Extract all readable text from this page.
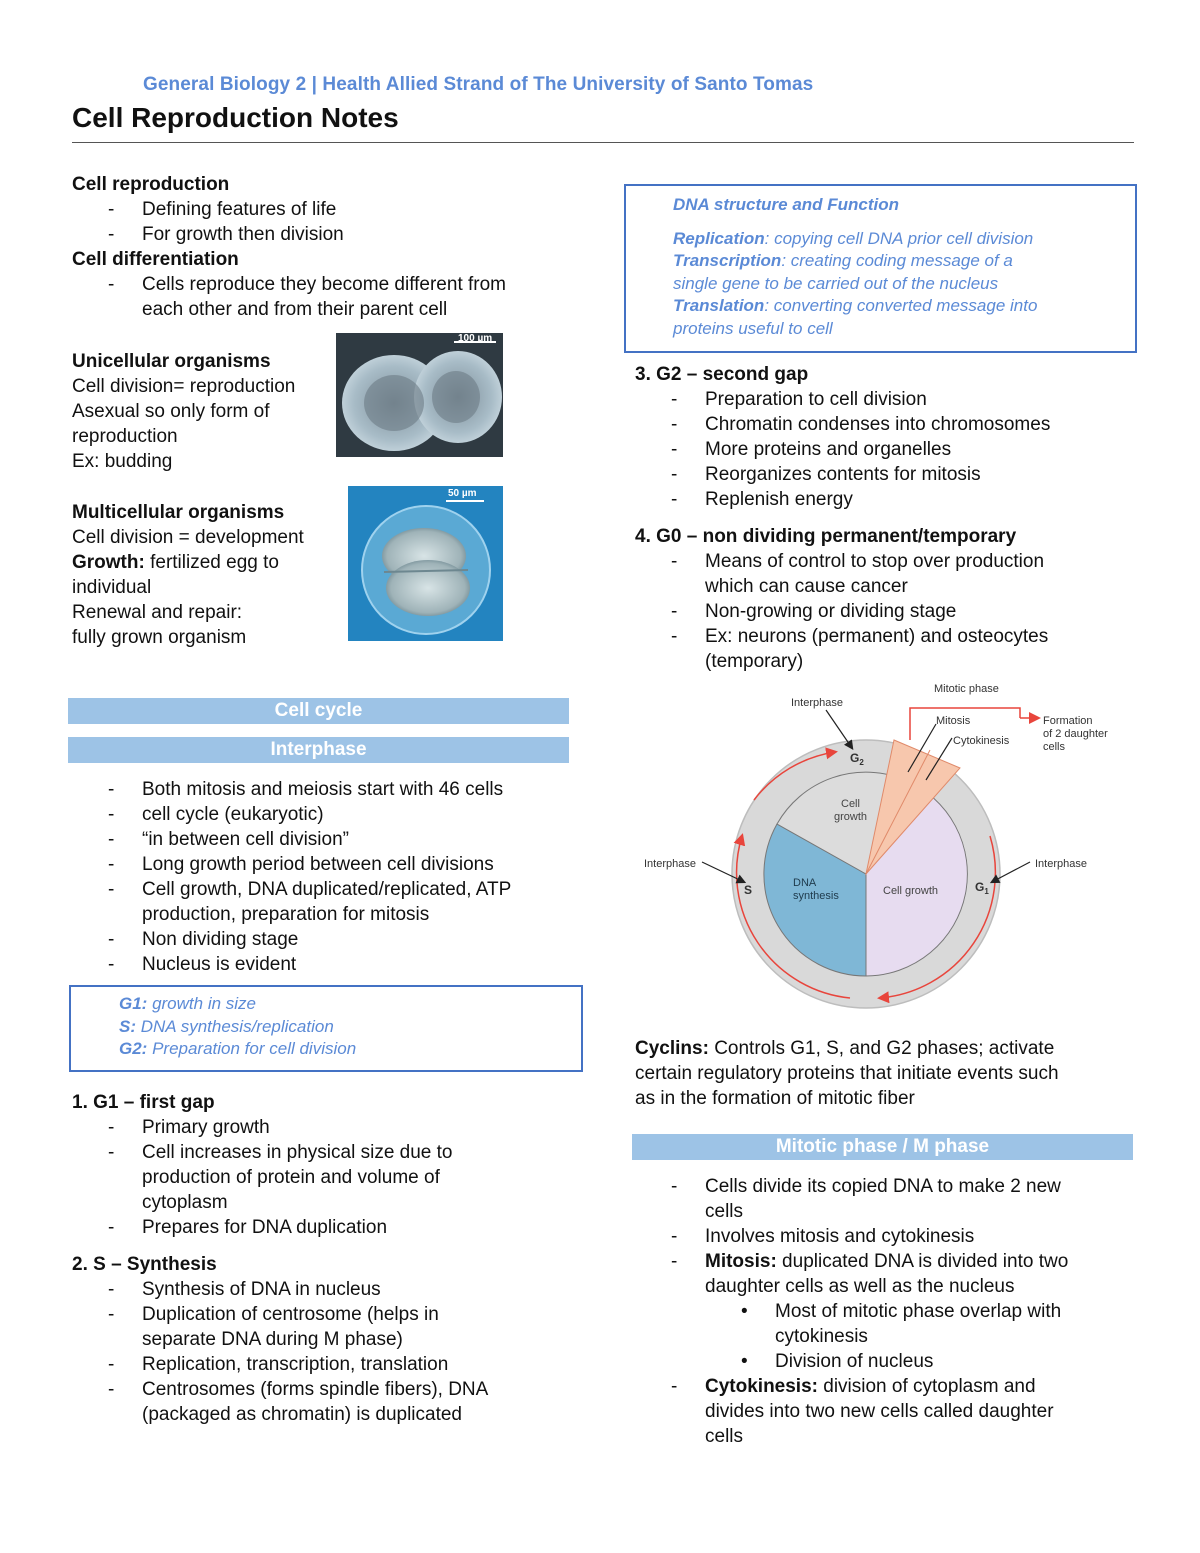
General Biology 2 | Health Allied Strand of The University of Santo Tomas
Cell Reproduction Notes
Cell reproduction
- Defining features of life
- For growth then division
Cell differentiation
- Cells reproduce they become different from
each other and from their parent cell
Unicellular organisms
Cell division= reproduction
Asexual so only form of
reproduction
Ex: budding
100 µm
Multicellular organisms
Cell division = development
Growth: fertilized egg to
individual
Renewal and repair:
fully grown organism
50 µm
Cell cycle
Interphase
- Both mitosis and meiosis start with 46 cells
- cell cycle (eukaryotic)
- “in between cell division”
- Long growth period between cell divisions
- Cell growth, DNA duplicated/replicated, ATP
production, preparation for mitosis
- Non dividing stage
- Nucleus is evident
G1: growth in size
S: DNA synthesis/replication
G2: Preparation for cell division
1. G1 – first gap
- Primary growth
- Cell increases in physical size due to
production of protein and volume of
cytoplasm
- Prepares for DNA duplication
2. S – Synthesis
- Synthesis of DNA in nucleus
- Duplication of centrosome (helps in
separate DNA during M phase)
- Replication, transcription, translation
- Centrosomes (forms spindle fibers), DNA
(packaged as chromatin) is duplicated
DNA structure and Function
Replication: copying cell DNA prior cell division
Transcription: creating coding message of a
single gene to be carried out of the nucleus
Translation: converting converted message into
proteins useful to cell
3. G2 – second gap
- Preparation to cell division
- Chromatin condenses into chromosomes
- More proteins and organelles
- Reorganizes contents for mitosis
- Replenish energy
4. G0 – non dividing permanent/temporary
- Means of control to stop over production
which can cause cancer
- Non-growing or dividing stage
- Ex: neurons (permanent) and osteocytes
(temporary)
Mitotic phase
Interphase
Interphase	Interphase
Mitosis
Cytokinesis
Formation
of 2 daughter
cells
Cell
growth
DNA
synthesis	Cell growth
$G_2$
$G_1$
S
Cyclins: Controls G1, S, and G2 phases; activate
certain regulatory proteins that initiate events such
as in the formation of mitotic fiber
Mitotic phase / M phase
- Cells divide its copied DNA to make 2 new
cells
- Involves mitosis and cytokinesis
- Mitosis: duplicated DNA is divided into two
daughter cells as well as the nucleus
• Most of mitotic phase overlap with
cytokinesis
• Division of nucleus
- Cytokinesis: division of cytoplasm and
divides into two new cells called daughter
cells
